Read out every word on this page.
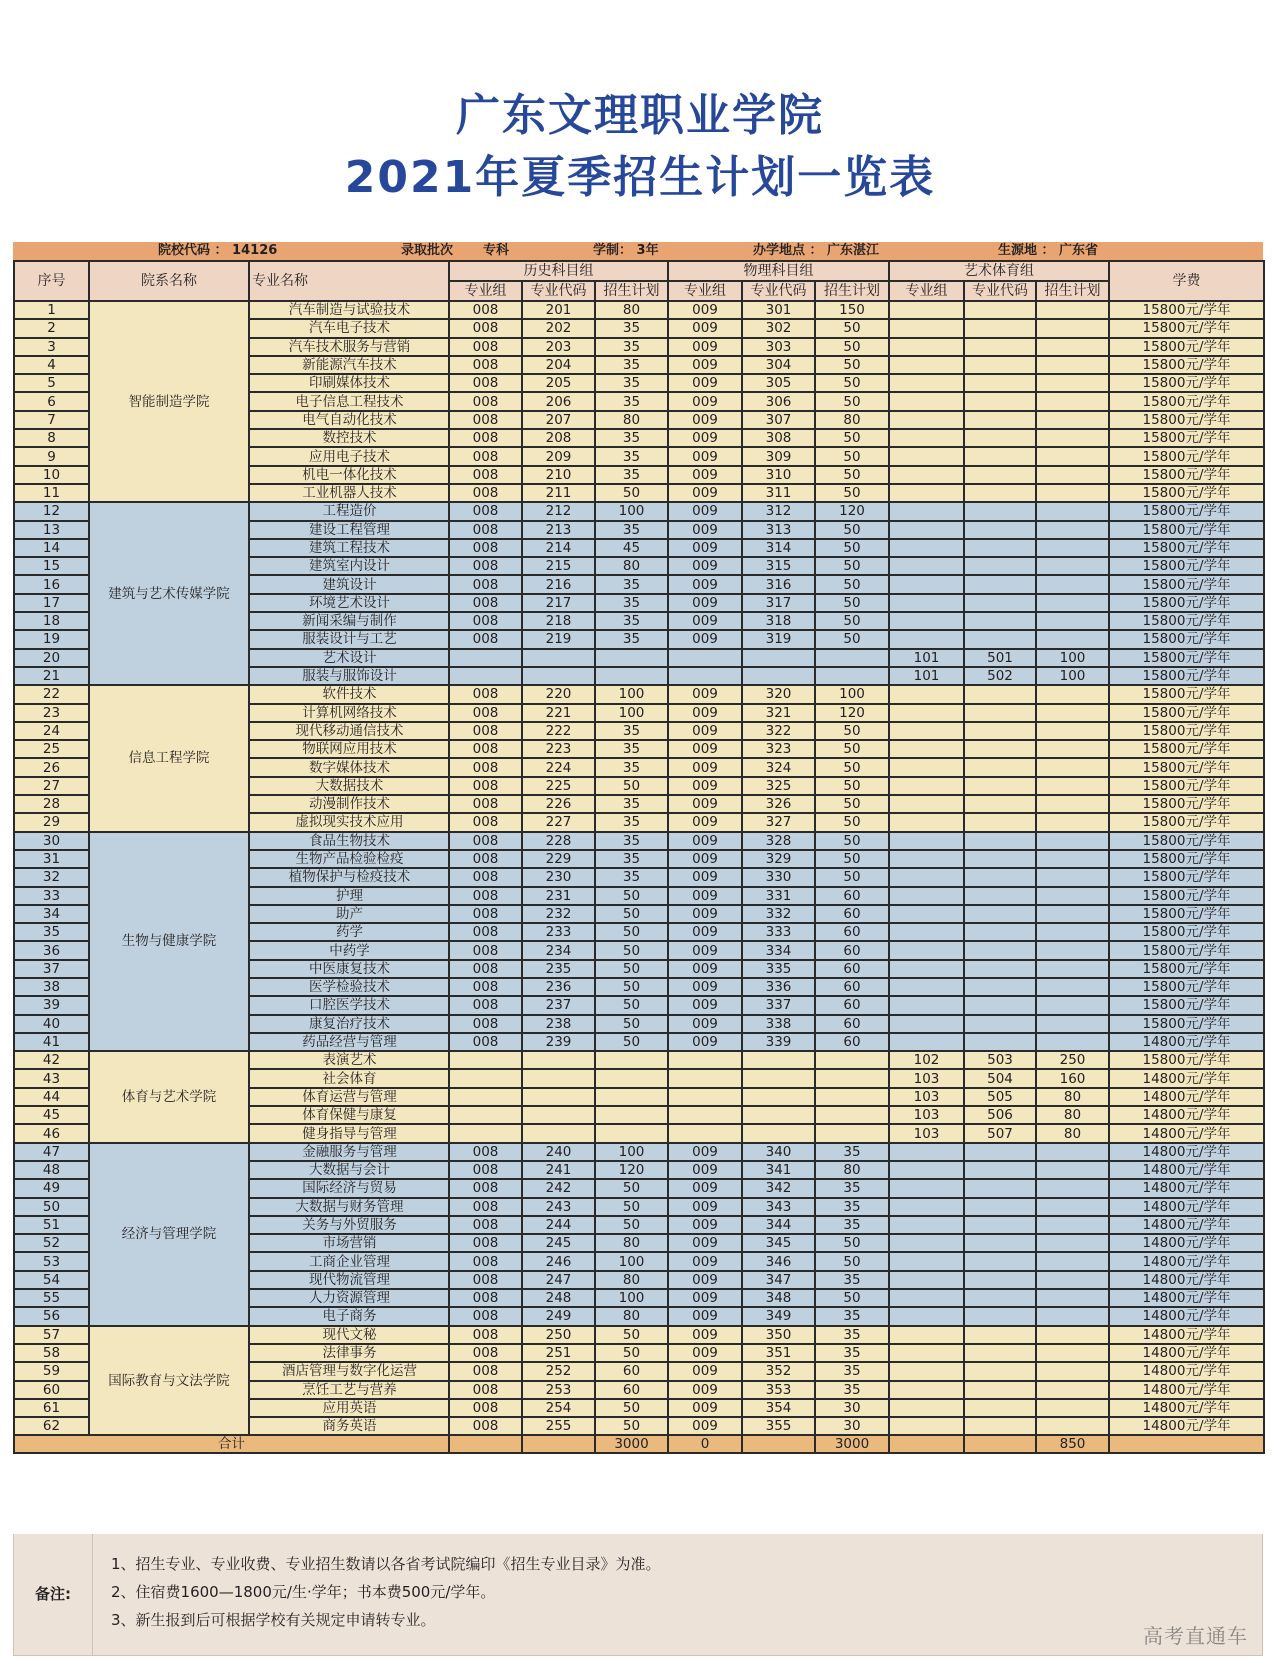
广东文理职业学院
2021年夏季招生计划一览表
院校代码 ： 14126	录取批次 专科	学制： 3年	办学地点 ： 广东湛江	生源地 ： 广东省
序号	院系名称	专业名称	历史科目组			物理科目组			艺术体育组			学费
			专业组	专业代码	招生计划	专业组	专业代码	招生计划	专业组	专业代码	招生计划	
1	智能制造学院	汽车制造与试验技术	008	201	80	009	301	150				15800元/学年
2		汽车电子技术	008	202	35	009	302	50				15800元/学年
3		汽车技术服务与营销	008	203	35	009	303	50				15800元/学年
4		新能源汽车技术	008	204	35	009	304	50				15800元/学年
5		印刷媒体技术	008	205	35	009	305	50				15800元/学年
6		电子信息工程技术	008	206	35	009	306	50				15800元/学年
7		电气自动化技术	008	207	80	009	307	80				15800元/学年
8		数控技术	008	208	35	009	308	50				15800元/学年
9		应用电子技术	008	209	35	009	309	50				15800元/学年
10		机电一体化技术	008	210	35	009	310	50				15800元/学年
11		工业机器人技术	008	211	50	009	311	50				15800元/学年
12	建筑与艺术传媒学院	工程造价	008	212	100	009	312	120				15800元/学年
13		建设工程管理	008	213	35	009	313	50				15800元/学年
14		建筑工程技术	008	214	45	009	314	50				15800元/学年
15		建筑室内设计	008	215	80	009	315	50				15800元/学年
16		建筑设计	008	216	35	009	316	50				15800元/学年
17		环境艺术设计	008	217	35	009	317	50				15800元/学年
18		新闻采编与制作	008	218	35	009	318	50				15800元/学年
19		服装设计与工艺	008	219	35	009	319	50				15800元/学年
20		艺术设计							101	501	100	15800元/学年
21		服装与服饰设计							101	502	100	15800元/学年
22	信息工程学院	软件技术	008	220	100	009	320	100				15800元/学年
23		计算机网络技术	008	221	100	009	321	120				15800元/学年
24		现代移动通信技术	008	222	35	009	322	50				15800元/学年
25		物联网应用技术	008	223	35	009	323	50				15800元/学年
26		数字媒体技术	008	224	35	009	324	50				15800元/学年
27		大数据技术	008	225	50	009	325	50				15800元/学年
28		动漫制作技术	008	226	35	009	326	50				15800元/学年
29		虚拟现实技术应用	008	227	35	009	327	50				15800元/学年
30	生物与健康学院	食品生物技术	008	228	35	009	328	50				15800元/学年
31		生物产品检验检疫	008	229	35	009	329	50				15800元/学年
32		植物保护与检疫技术	008	230	35	009	330	50				15800元/学年
33		护理	008	231	50	009	331	60				15800元/学年
34		助产	008	232	50	009	332	60				15800元/学年
35		药学	008	233	50	009	333	60				15800元/学年
36		中药学	008	234	50	009	334	60				15800元/学年
37		中医康复技术	008	235	50	009	335	60				15800元/学年
38		医学检验技术	008	236	50	009	336	60				15800元/学年
39		口腔医学技术	008	237	50	009	337	60				15800元/学年
40		康复治疗技术	008	238	50	009	338	60				15800元/学年
41		药品经营与管理	008	239	50	009	339	60				14800元/学年
42	体育与艺术学院	表演艺术							102	503	250	15800元/学年
43		社会体育							103	504	160	14800元/学年
44		体育运营与管理							103	505	80	14800元/学年
45		体育保健与康复							103	506	80	14800元/学年
46		健身指导与管理							103	507	80	14800元/学年
47	经济与管理学院	金融服务与管理	008	240	100	009	340	35				14800元/学年
48		大数据与会计	008	241	120	009	341	80				14800元/学年
49		国际经济与贸易	008	242	50	009	342	35				14800元/学年
50		大数据与财务管理	008	243	50	009	343	35				14800元/学年
51		关务与外贸服务	008	244	50	009	344	35				14800元/学年
52		市场营销	008	245	80	009	345	50				14800元/学年
53		工商企业管理	008	246	100	009	346	50				14800元/学年
54		现代物流管理	008	247	80	009	347	35				14800元/学年
55		人力资源管理	008	248	100	009	348	50				14800元/学年
56		电子商务	008	249	80	009	349	35				14800元/学年
57	国际教育与文法学院	现代文秘	008	250	50	009	350	35				14800元/学年
58		法律事务	008	251	50	009	351	35				14800元/学年
59		酒店管理与数字化运营	008	252	60	009	352	35				14800元/学年
60		烹饪工艺与营养	008	253	60	009	353	35				14800元/学年
61		应用英语	008	254	50	009	354	30				14800元/学年
62		商务英语	008	255	50	009	355	30				14800元/学年
合计					3000	0		3000			850	
备注:
1、招生专业、专业收费、专业招生数请以各省考试院编印《招生专业目录》为准。
2、住宿费1600—1800元/生·学年；书本费500元/学年。
3、新生报到后可根据学校有关规定申请转专业。
高考直通车
